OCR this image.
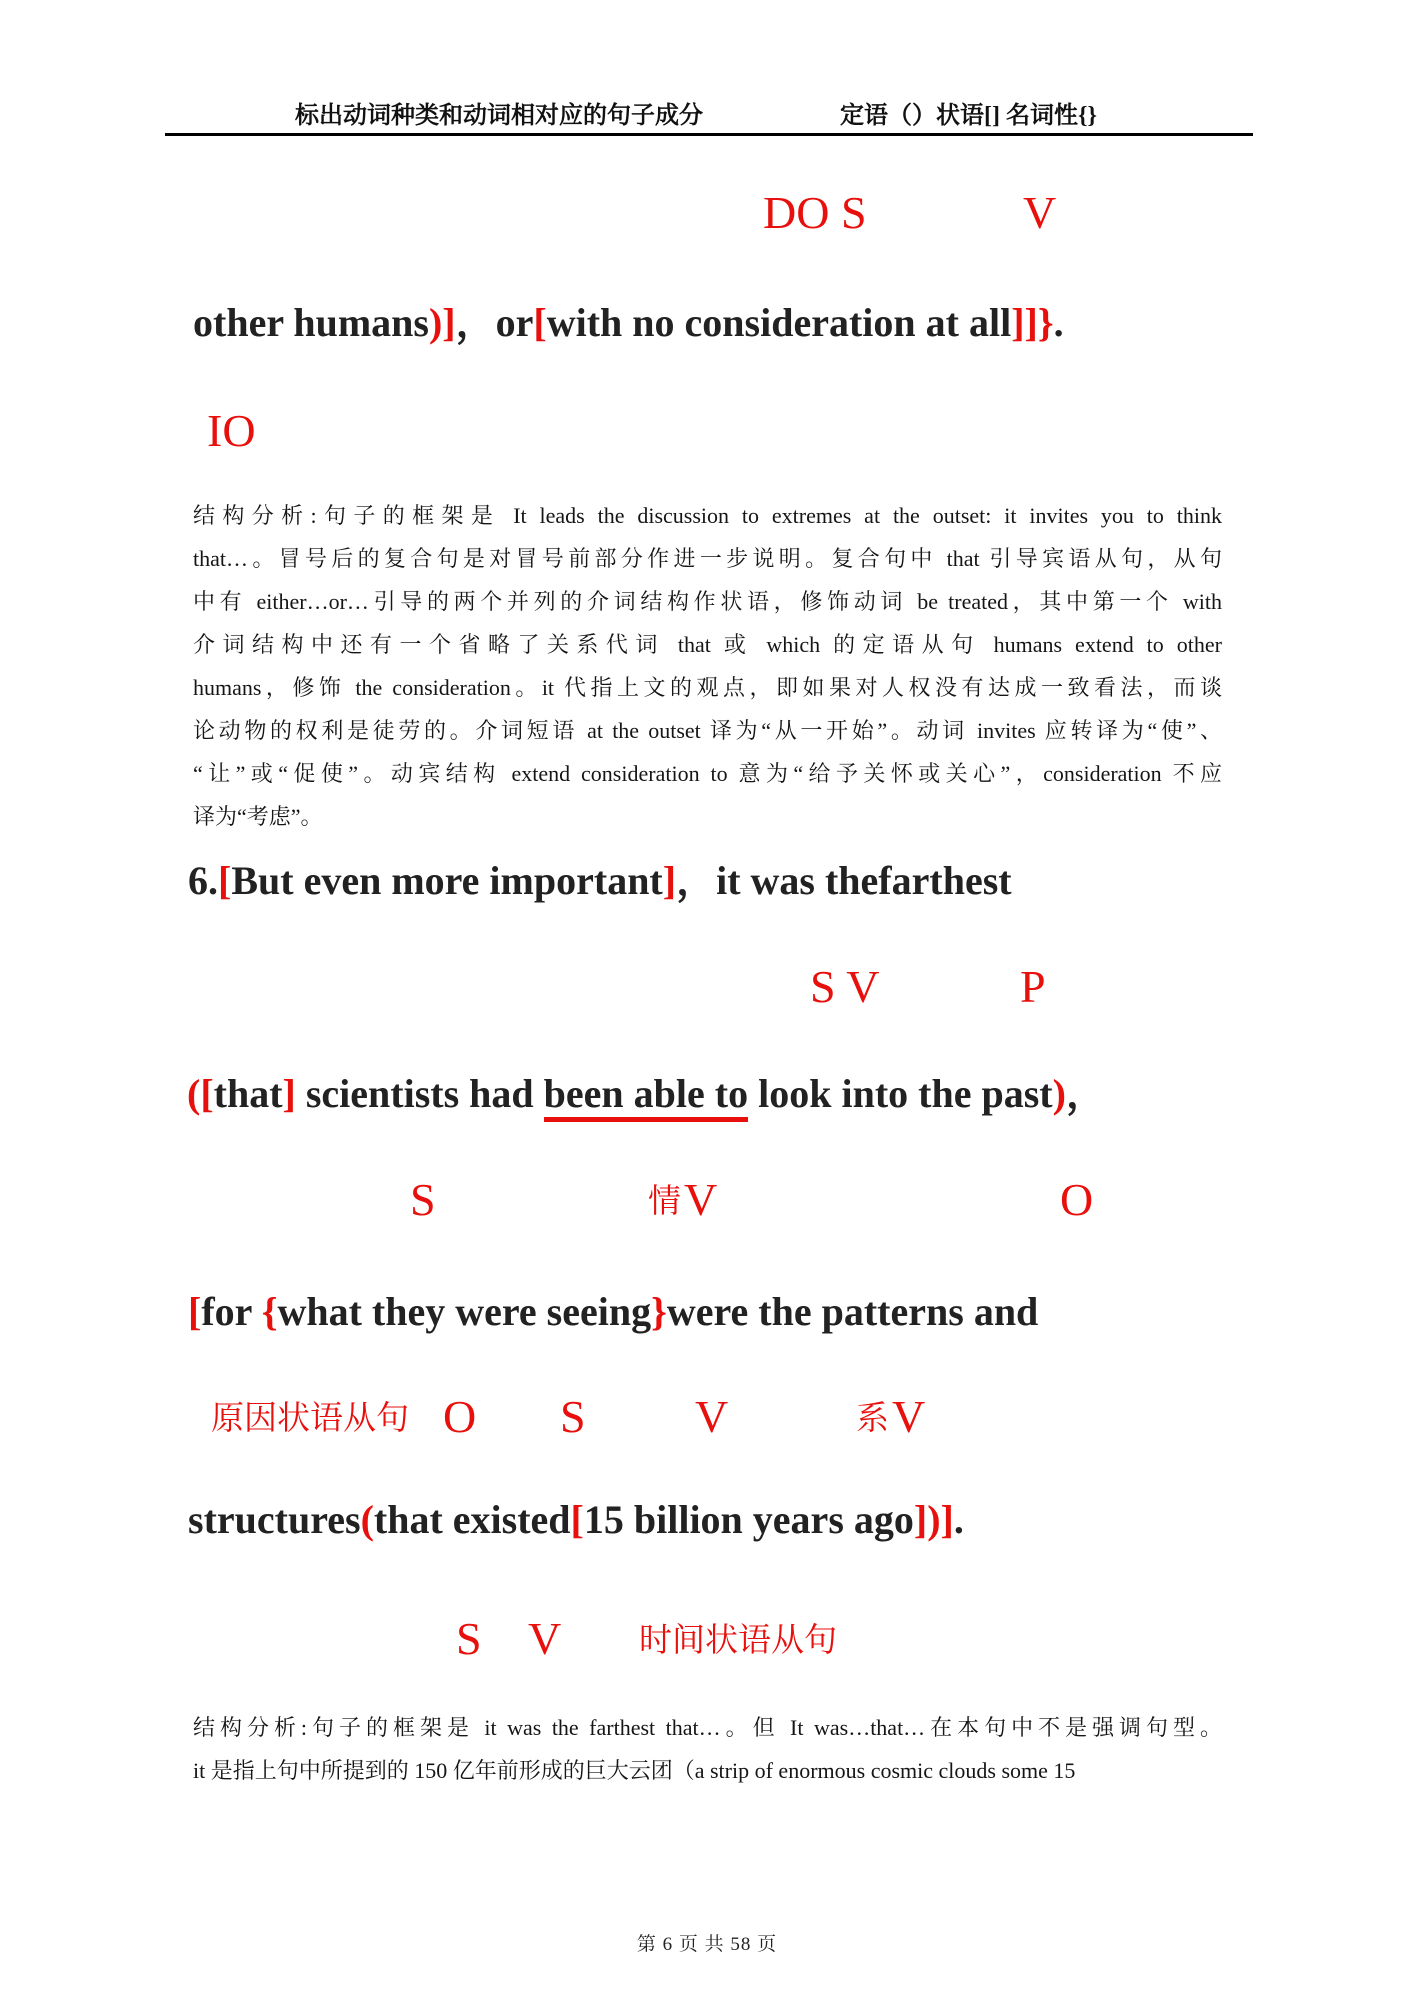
标出动词种类和动词相对应的句子成分	定语（）状语[] 名词性{}
DO S	V
other humans)]，or[with no consideration at all]]}.
IO
结构分析:句子的框架是 It leads the discussion to extremes at the outset: it invites you to think
that…。冒号后的复合句是对冒号前部分作进一步说明。复合句中 that 引导宾语从句，从句
中有 either…or…引导的两个并列的介词结构作状语，修饰动词 be treated，其中第一个 with
介词结构中还有一个省略了关系代词 that 或 which 的定语从句 humans extend to other
humans，修饰 the consideration。it 代指上文的观点，即如果对人权没有达成一致看法，而谈
论动物的权利是徒劳的。介词短语 at the outset 译为“从一开始”。动词 invites 应转译为“使”、
“让”或“促使”。动宾结构 extend consideration to 意为“给予关怀或关心”，consideration 不应
译为“考虑”。
6.[But even more important]，it was thefarthest
S V	P
([that] scientists had been able to look into the past)，
S	情 V	O
[for {what they were seeing}were the patterns and
原因状语从句 O S V	系 V
structures(that existed[15 billion years ago])].
S V 时间状语从句
结构分析:句子的框架是 it was the farthest that…。但 It was…that…在本句中不是强调句型。
it 是指上句中所提到的 150 亿年前形成的巨大云团（a strip of enormous cosmic clouds some 15
第 6 页 共 58 页
